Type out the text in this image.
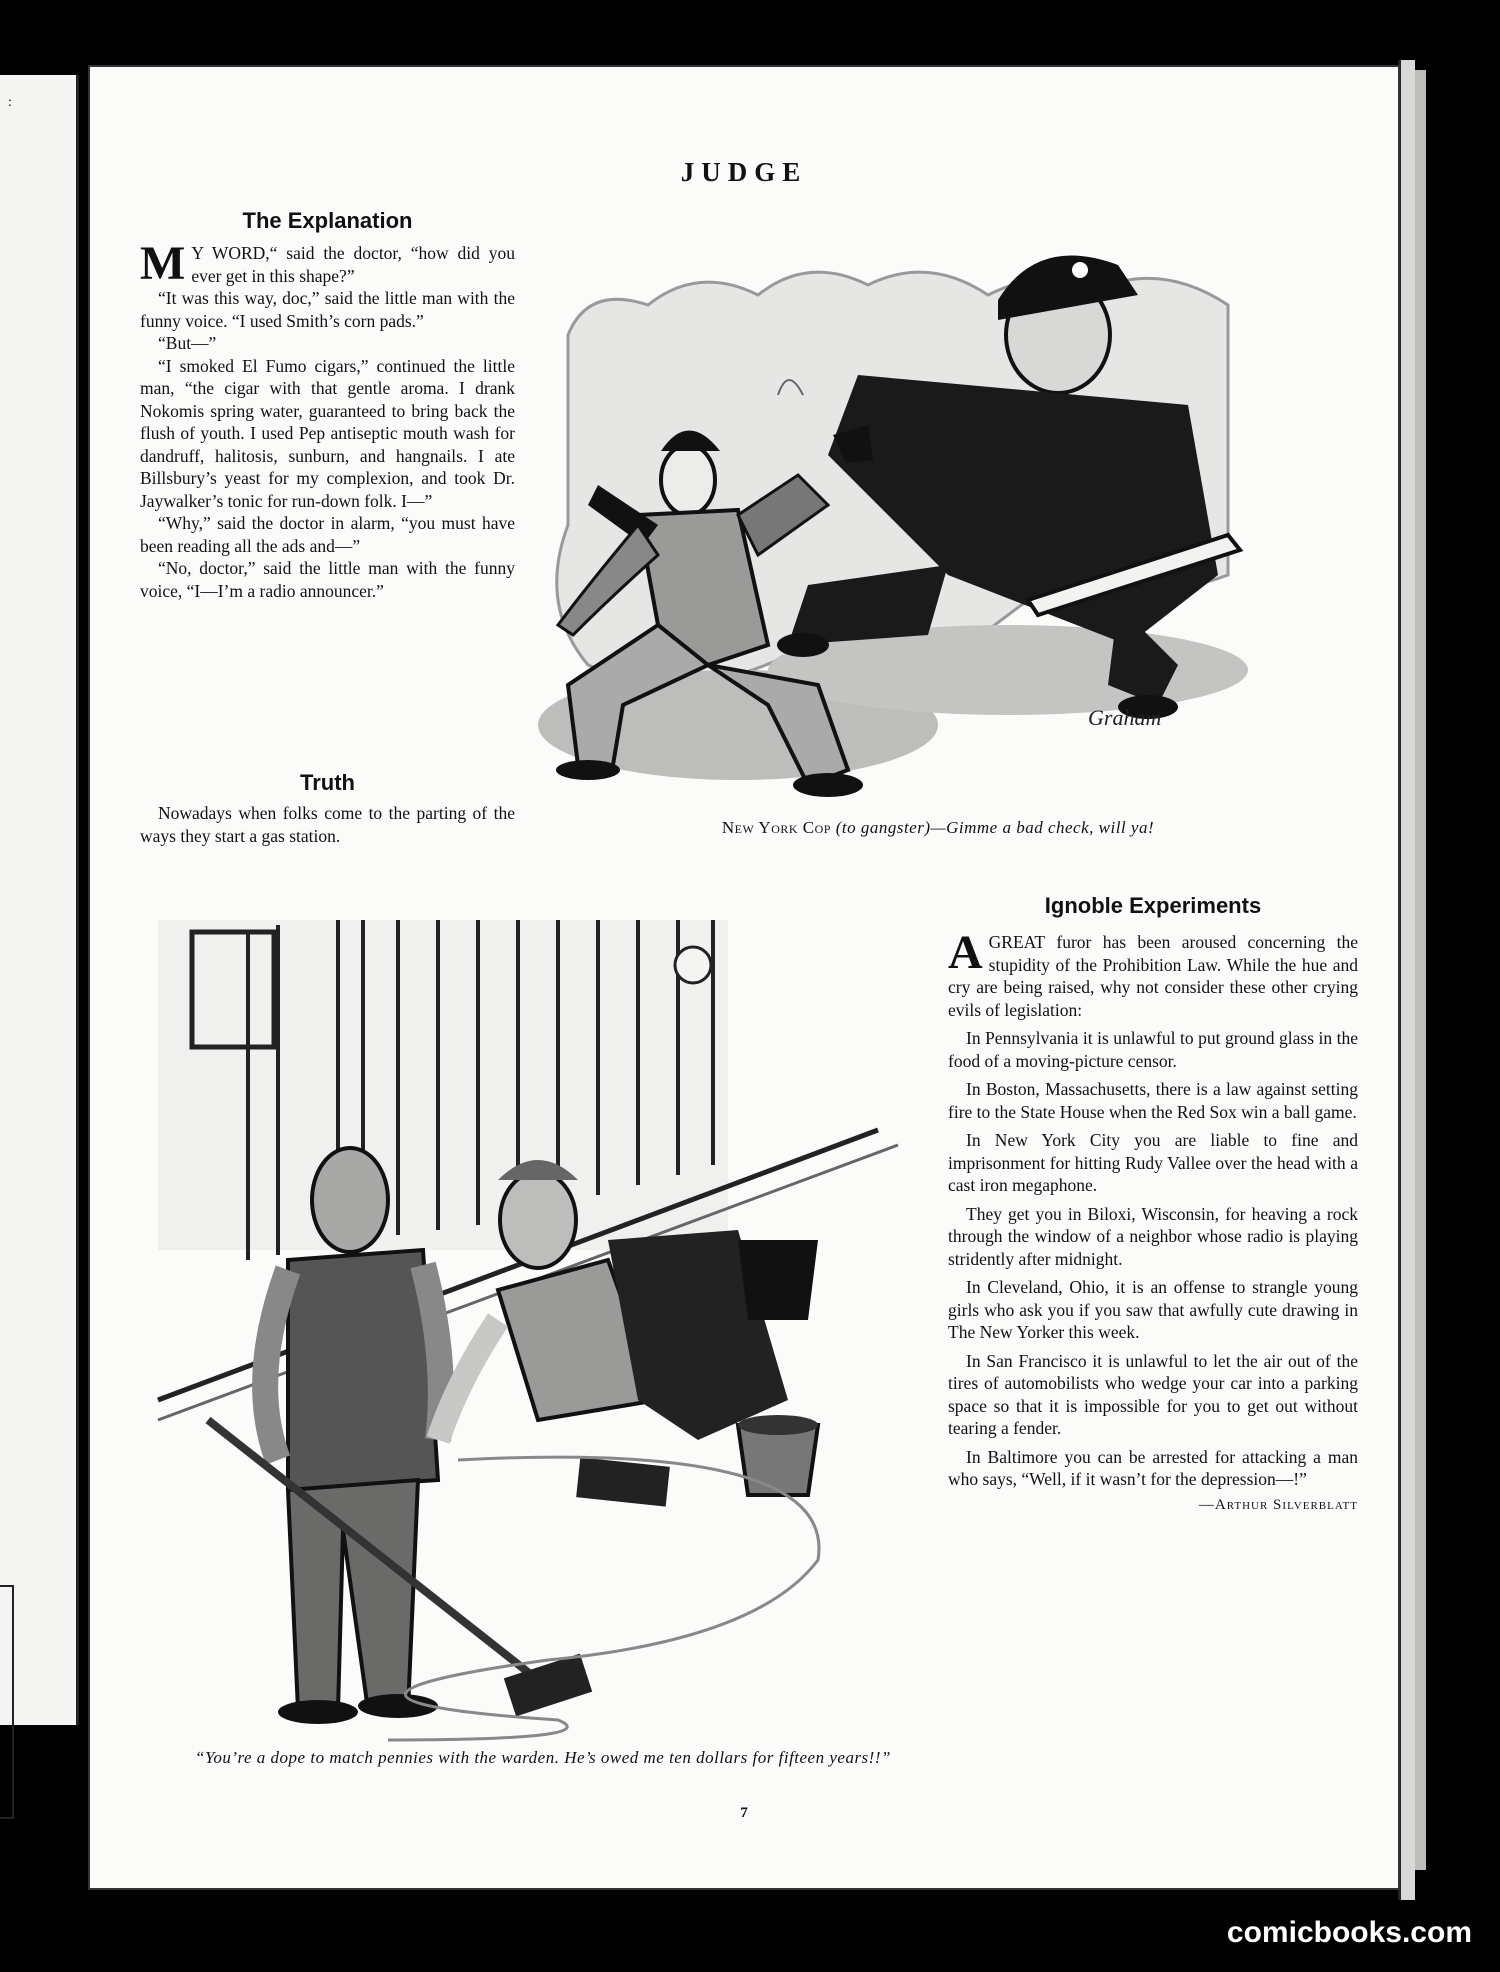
:
JUDGE
The Explanation

M Y WORD,“ said the doctor, “how did you ever get in this shape?”

“It was this way, doc,” said the little man with the funny voice. “I used Smith’s corn pads.”

“But—”

“I smoked El Fumo cigars,” continued the little man, “the cigar with that gentle aroma. I drank Nokomis spring water, guaranteed to bring back the flush of youth. I used Pep antiseptic mouth wash for dandruff, halitosis, sunburn, and hangnails. I ate Billsbury’s yeast for my complexion, and took Dr. Jaywalker’s tonic for run-down folk. I—”

“Why,” said the doctor in alarm, “you must have been reading all the ads and—”

“No, doctor,” said the little man with the funny voice, “I—I’m a radio announcer.”

Truth

Nowadays when folks come to the parting of the ways they start a gas station.

Graham
New York Cop (to gangster)—Gimme a bad check, will ya!
“You’re a dope to match pennies with the warden. He’s owed me ten dollars for fifteen years!!”
Ignoble Experiments

AGREAT furor has been aroused concerning the stupidity of the Prohibition Law. While the hue and cry are being raised, why not consider these other crying evils of legislation:

In Pennsylvania it is unlawful to put ground glass in the food of a moving-picture censor.

In Boston, Massachusetts, there is a law against setting fire to the State House when the Red Sox win a ball game.

In New York City you are liable to fine and imprisonment for hitting Rudy Vallee over the head with a cast iron megaphone.

They get you in Biloxi, Wisconsin, for heaving a rock through the window of a neighbor whose radio is playing stridently after midnight.

In Cleveland, Ohio, it is an offense to strangle young girls who ask you if you saw that awfully cute drawing in The New Yorker this week.

In San Francisco it is unlawful to let the air out of the tires of automobilists who wedge your car into a parking space so that it is impossible for you to get out without tearing a fender.

In Baltimore you can be arrested for attacking a man who says, “Well, if it wasn’t for the depression—!”

—Arthur Silverblatt
7
comicbooks.com
